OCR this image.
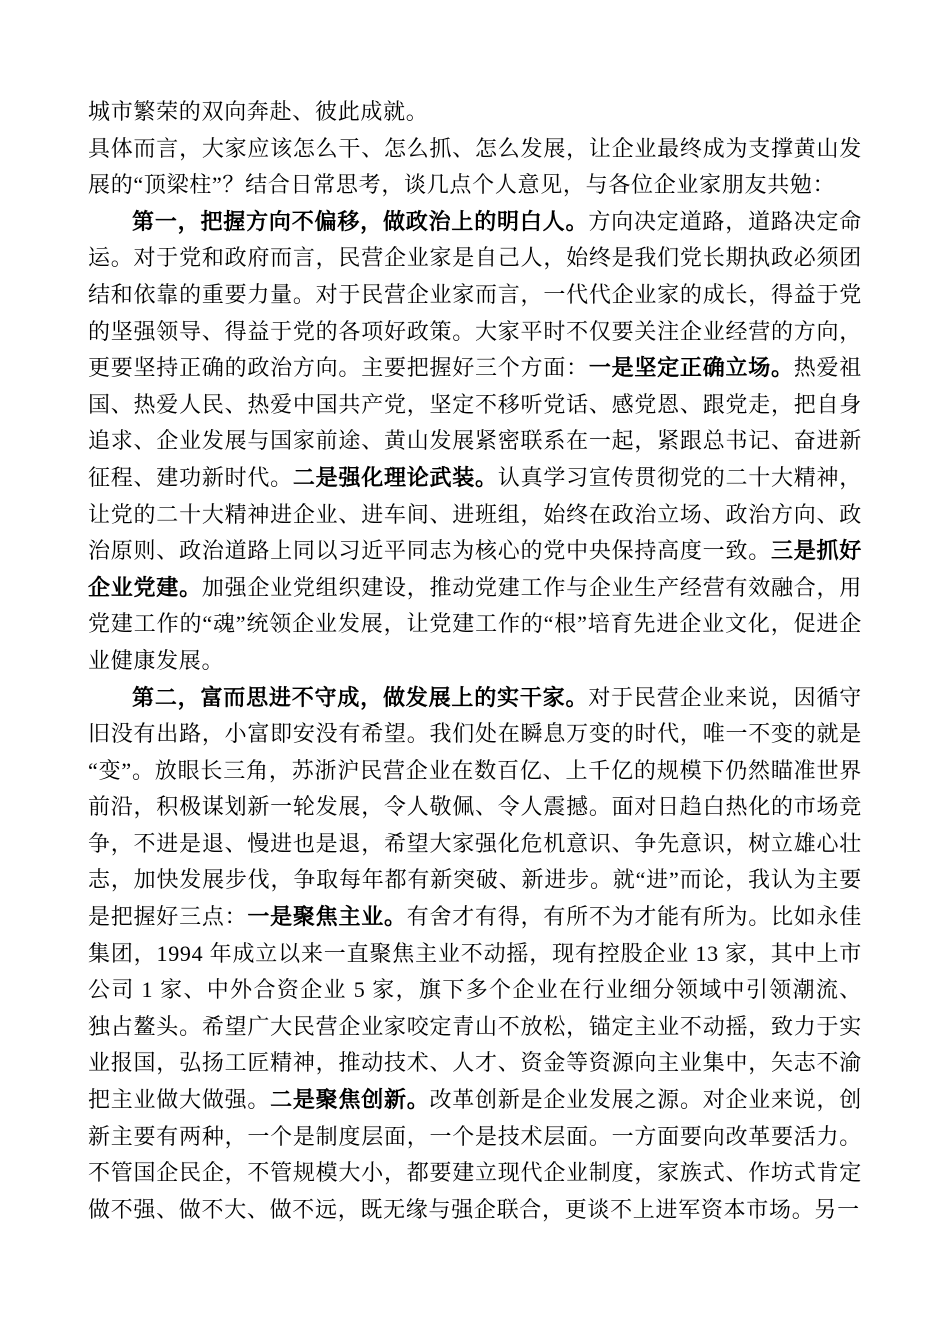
城市繁荣的双向奔赴、彼此成就。

具体而言，大家应该怎么干、怎么抓、怎么发展，让企业最终成为支撑黄山发展的“顶梁柱”？结合日常思考，谈几点个人意见，与各位企业家朋友共勉：

第一，把握方向不偏移，做政治上的明白人。方向决定道路，道路决定命运。对于党和政府而言，民营企业家是自己人，始终是我们党长期执政必须团结和依靠的重要力量。对于民营企业家而言，一代代企业家的成长，得益于党的坚强领导、得益于党的各项好政策。大家平时不仅要关注企业经营的方向，更要坚持正确的政治方向。主要把握好三个方面：一是坚定正确立场。热爱祖国、热爱人民、热爱中国共产党，坚定不移听党话、感党恩、跟党走，把自身追求、企业发展与国家前途、黄山发展紧密联系在一起，紧跟总书记、奋进新征程、建功新时代。二是强化理论武装。认真学习宣传贯彻党的二十大精神，让党的二十大精神进企业、进车间、进班组，始终在政治立场、政治方向、政治原则、政治道路上同以习近平同志为核心的党中央保持高度一致。三是抓好企业党建。加强企业党组织建设，推动党建工作与企业生产经营有效融合，用党建工作的“魂”统领企业发展，让党建工作的“根”培育先进企业文化，促进企业健康发展。

第二，富而思进不守成，做发展上的实干家。对于民营企业来说，因循守旧没有出路，小富即安没有希望。我们处在瞬息万变的时代，唯一不变的就是“变”。放眼长三角，苏浙沪民营企业在数百亿、上千亿的规模下仍然瞄准世界前沿，积极谋划新一轮发展，令人敬佩、令人震撼。面对日趋白热化的市场竞争，不进是退、慢进也是退，希望大家强化危机意识、争先意识，树立雄心壮志，加快发展步伐，争取每年都有新突破、新进步。就“进”而论，我认为主要是把握好三点：一是聚焦主业。有舍才有得，有所不为才能有所为。比如永佳集团，1994 年成立以来一直聚焦主业不动摇，现有控股企业 13 家，其中上市公司 1 家、中外合资企业 5 家，旗下多个企业在行业细分领域中引领潮流、独占鳌头。希望广大民营企业家咬定青山不放松，锚定主业不动摇，致力于实业报国，弘扬工匠精神，推动技术、人才、资金等资源向主业集中，矢志不渝把主业做大做强。二是聚焦创新。改革创新是企业发展之源。对企业来说，创新主要有两种，一个是制度层面，一个是技术层面。一方面要向改革要活力。不管国企民企，不管规模大小，都要建立现代企业制度，家族式、作坊式肯定做不强、做不大、做不远，既无缘与强企联合，更谈不上进军资本市场。另一
